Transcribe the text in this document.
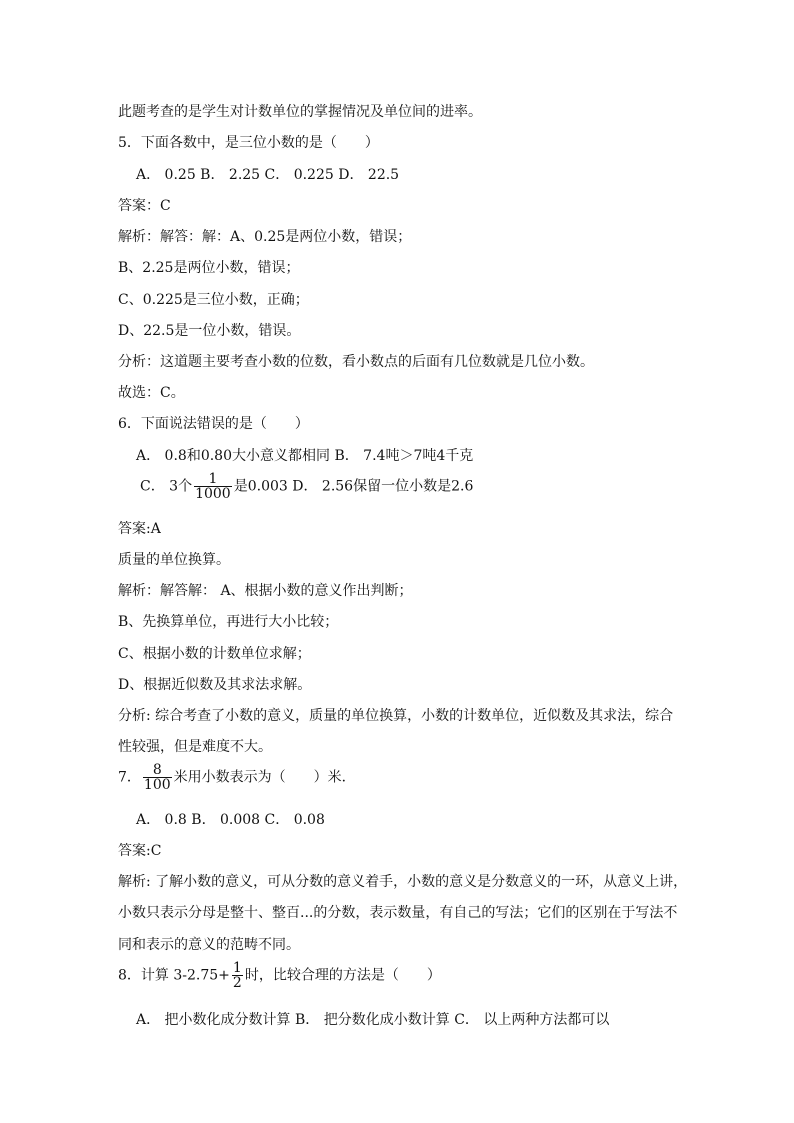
此题考查的是学生对计数单位的掌握情况及单位间的进率。
5．下面各数中，是三位小数的是（　　）
A． 0.25 B． 2.25 C． 0.225 D． 22.5
答案：C
解析：解答：解：A、0.25是两位小数，错误；
B、2.25是两位小数，错误；
C、0.225是三位小数，正确；
D、22.5是一位小数，错误。
分析：这道题主要考查小数的位数，看小数点的后面有几位数就是几位小数。
故选：C。
6．下面说法错误的是（　　）
A． 0.8和0.80大小意义都相同 B． 7.4吨＞7吨4千克
C． 3个 $\frac{1}{1000}$ 是0.003 D． 2.56保留一位小数是2.6
答案:A
质量的单位换算。
解析：解答解： A、根据小数的意义作出判断；
B、先换算单位，再进行大小比较；
C、根据小数的计数单位求解；
D、根据近似数及其求法求解。
分析: 综合考查了小数的意义，质量的单位换算，小数的计数单位，近似数及其求法，综合
性较强，但是难度不大。
7． $\frac{8}{100}$ 米用小数表示为（　　）米．
A． 0.8 B． 0.008 C． 0.08
答案:C
解析: 了解小数的意义，可从分数的意义着手，小数的意义是分数意义的一环，从意义上讲，
小数只表示分母是整十、整百...的分数，表示数量，有自己的写法；它们的区别在于写法不
同和表示的意义的范畴不同。
8．计算 $3-2.75+ \frac{1}{2}$ 时，比较合理的方法是（　　）
A． 把小数化成分数计算 B． 把分数化成小数计算 C． 以上两种方法都可以
